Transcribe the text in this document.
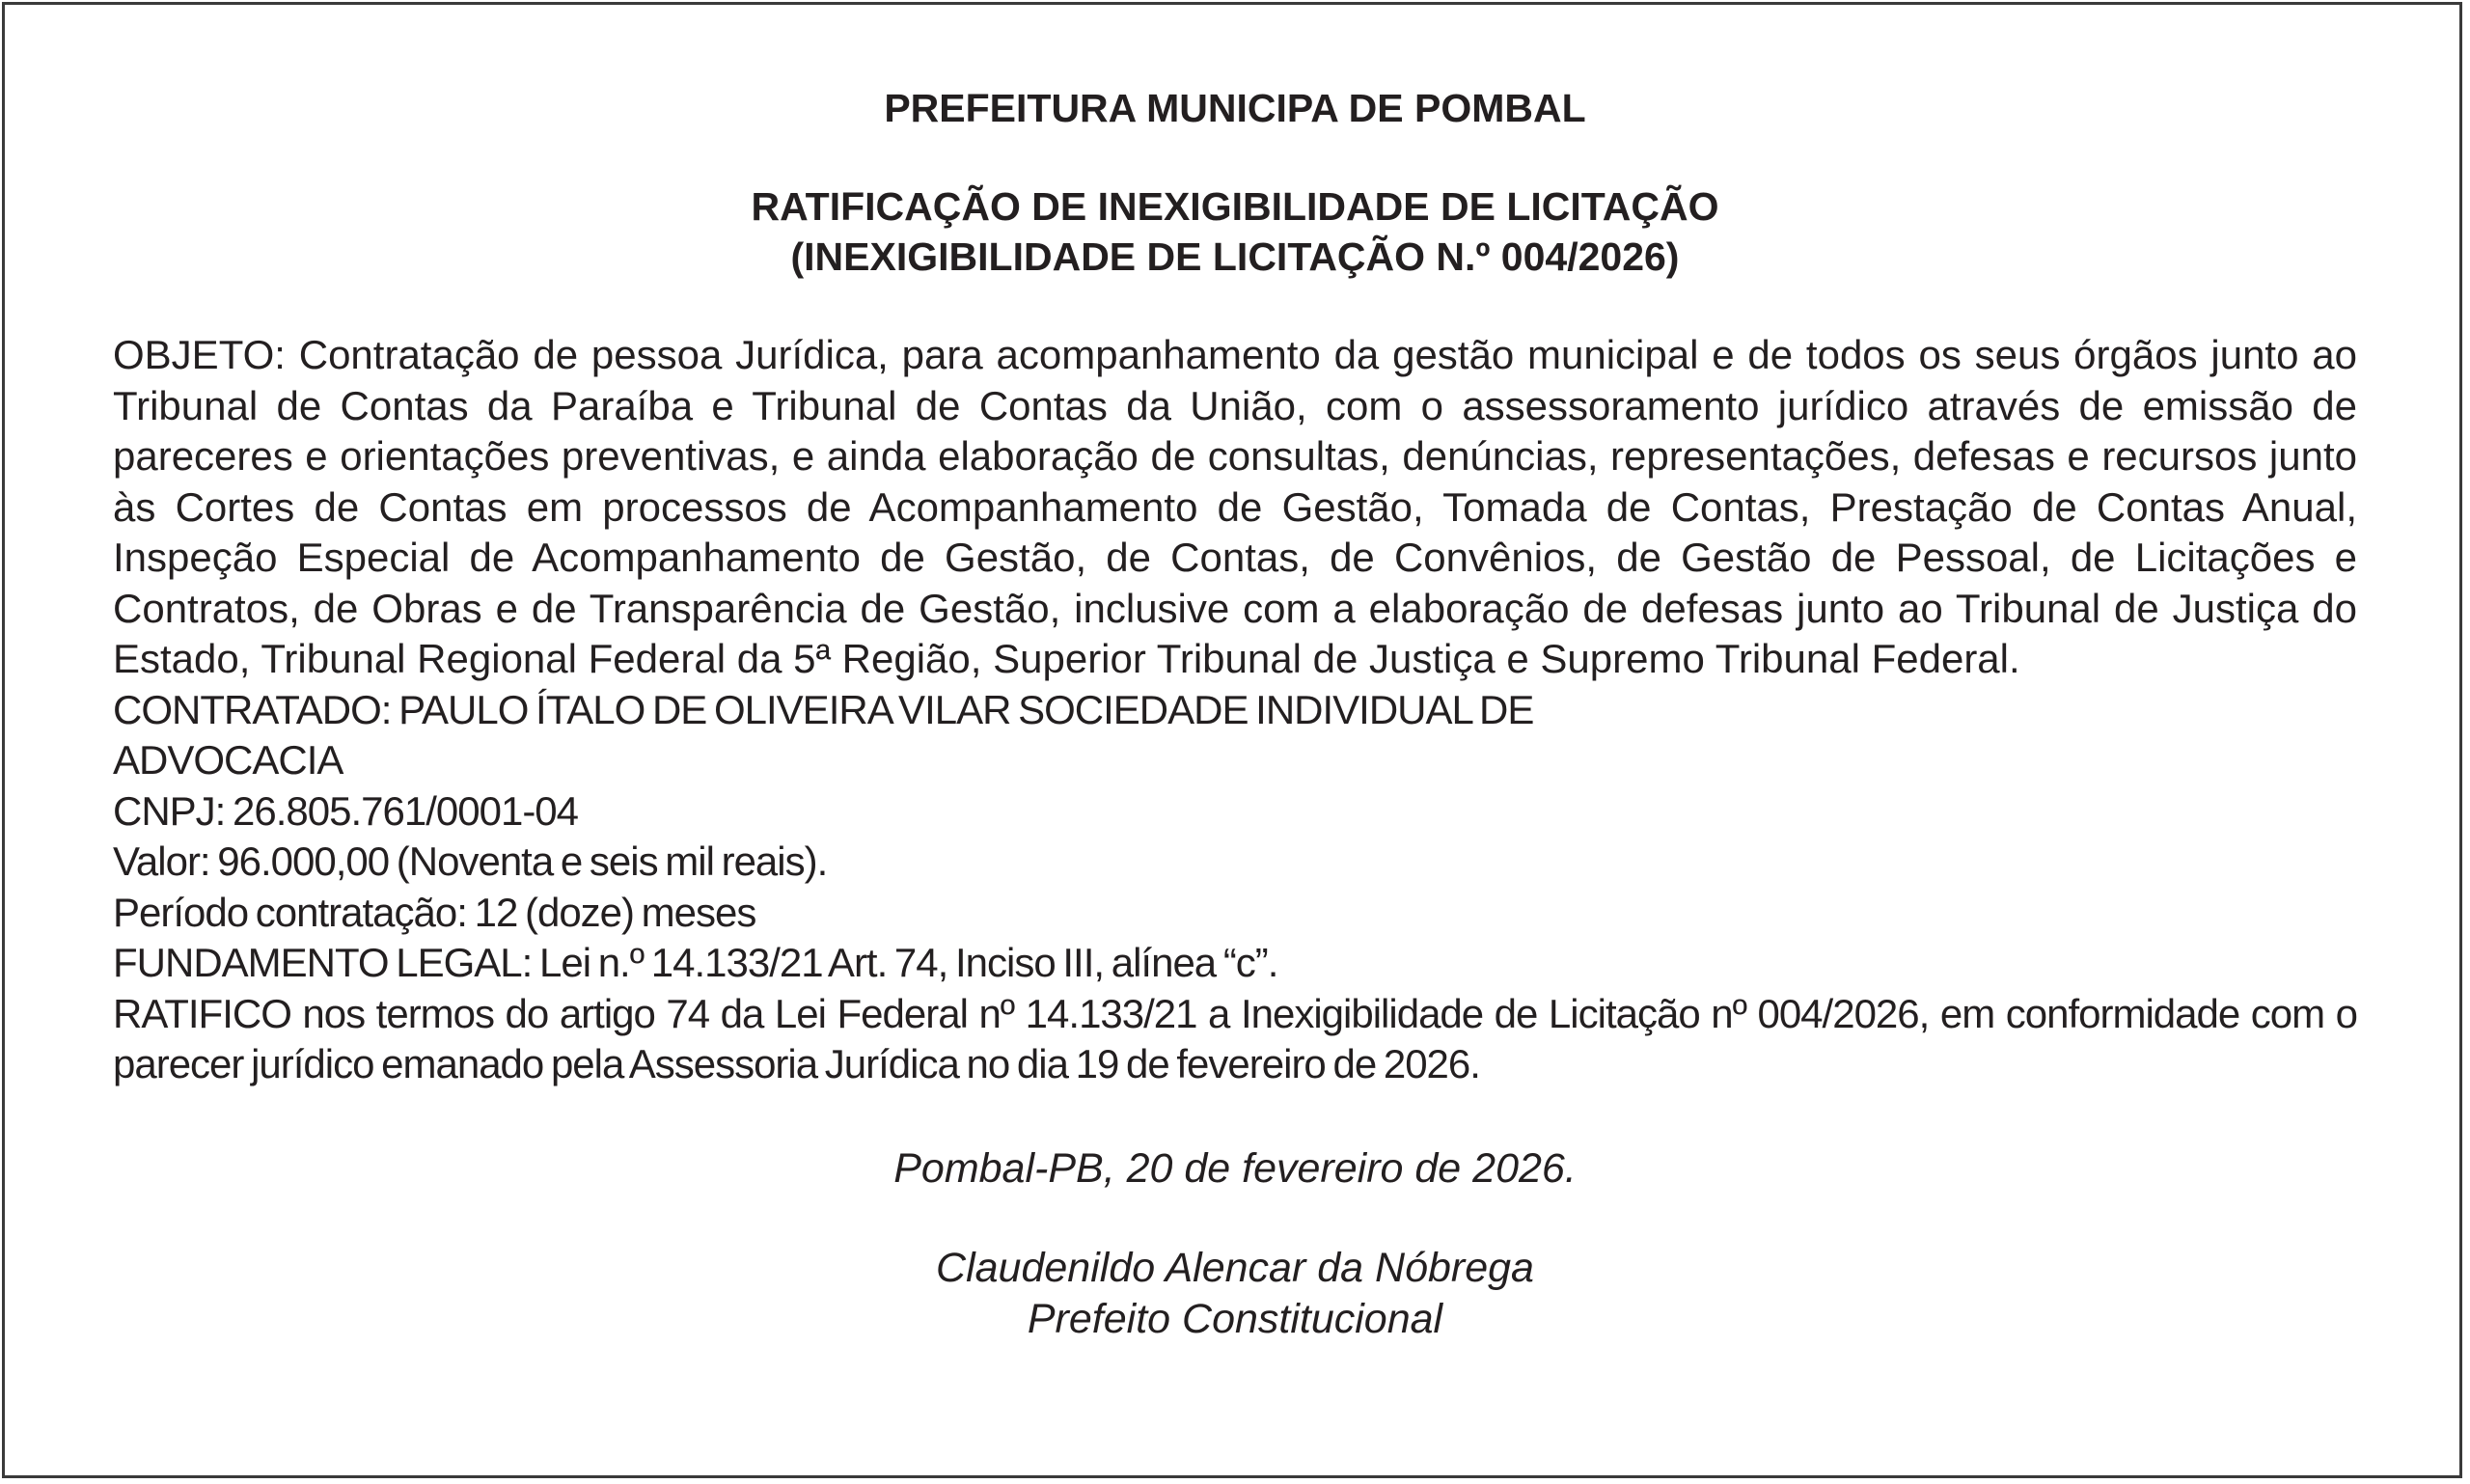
PREFEITURA MUNICIPA DE POMBAL
RATIFICAÇÃO DE INEXIGIBILIDADE DE LICITAÇÃO
(INEXIGIBILIDADE DE LICITAÇÃO N.º 004/2026)

OBJETO: Contratação de pessoa Jurídica, para acompanhamento da gestão municipal e de todos os seus órgãos junto ao Tribunal de Contas da Paraíba e Tribunal de Contas da União, com o assessoramento jurídico através de emissão de pareceres e orientações preventivas, e ainda elaboração de consultas, denúncias, representações, defesas e recursos junto às Cortes de Contas em processos de Acompanhamento de Gestão, Tomada de Contas, Prestação de Contas Anual, Inspeção Especial de Acompanhamento de Gestão, de Contas, de Convênios, de Gestão de Pessoal, de Licitações e Contratos, de Obras e de Transparência de Gestão, inclusive com a elaboração de defesas junto ao Tribunal de Justiça do Estado, Tribunal Regional Federal da 5ª Região, Superior Tribunal de Justiça e Supremo Tribunal Federal.

CONTRATADO: PAULO ÍTALO DE OLIVEIRA VILAR SOCIEDADE INDIVIDUAL DE

ADVOCACIA

CNPJ: 26.805.761/0001-04

Valor: 96.000,00 (Noventa e seis mil reais).

Período contratação: 12 (doze) meses

FUNDAMENTO LEGAL: Lei n.º 14.133/21 Art. 74, Inciso III, alínea “c”.

RATIFICO nos termos do artigo 74 da Lei Federal nº 14.133/21 a Inexigibilidade de Licitação nº 004/2026, em conformidade com o parecer jurídico emanado pela Assessoria Jurídica no dia 19 de fevereiro de 2026.

Pombal-PB, 20 de fevereiro de 2026.
Claudenildo Alencar da Nóbrega
Prefeito Constitucional
